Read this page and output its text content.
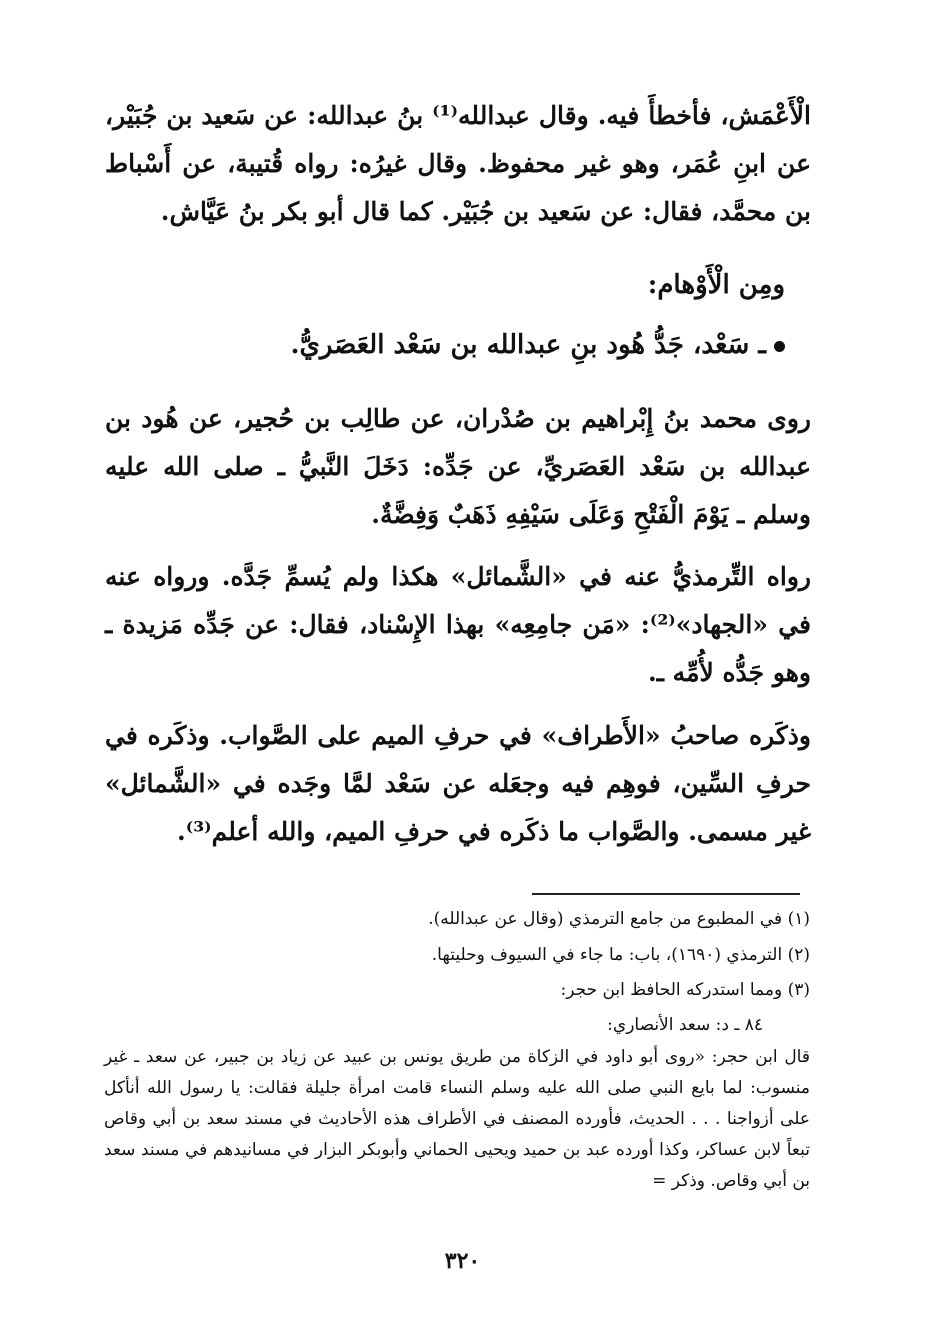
الْأَعْمَش، فأخطأَ فيه. وقال عبدالله⁽¹⁾ بنُ عبدالله: عن سَعيد بن جُبَيْر، عن ابنِ عُمَر، وهو غير محفوظ. وقال غيرُه: رواه قُتيبة، عن أَسْباط بن محمَّد، فقال: عن سَعيد بن جُبَيْر. كما قال أبو بكر بنُ عَيَّاش.

ومِن الْأَوْهام:

ـ سَعْد، جَدُّ هُود بنِ عبدالله بن سَعْد العَصَريُّ.

روى محمد بنُ إِبْراهيم بن صُدْران، عن طالِب بن حُجير، عن هُود بن عبدالله بن سَعْد العَصَريِّ، عن جَدِّه: دَخَلَ النَّبيُّ ـ صلى الله عليه وسلم ـ يَوْمَ الْفَتْحِ وَعَلَى سَيْفِهِ ذَهَبٌ وَفِضَّةٌ.

رواه التِّرمذيُّ عنه في «الشَّمائل» هكذا ولم يُسمِّ جَدَّه. ورواه عنه في «الجهاد»⁽²⁾: «مَن جامِعِه» بهذا الإِسْناد، فقال: عن جَدِّه مَزيدة ـ وهو جَدُّه لأُمِّه ـ.

وذكَره صاحبُ «الأَطراف» في حرفِ الميم على الصَّواب. وذكَره في حرفِ السِّين، فوهِم فيه وجعَله عن سَعْد لمَّا وجَده في «الشَّمائل» غير مسمى. والصَّواب ما ذكَره في حرفِ الميم، والله أعلم⁽³⁾.

(١) في المطبوع من جامع الترمذي (وقال عن عبدالله).

(٢) الترمذي (١٦٩٠)، باب: ما جاء في السيوف وحليتها.

(٣) ومما استدركه الحافظ ابن حجر:

٨٤ ـ د: سعد الأنصاري:

قال ابن حجر: «روى أبو داود في الزكاة من طريق يونس بن عبيد عن زياد بن جبير، عن سعد ـ غير منسوب: لما بايع النبي صلى الله عليه وسلم النساء قامت امرأة جليلة فقالت: يا رسول الله أنأكل على أزواجنا . . . الحديث، فأورده المصنف في الأطراف هذه الأحاديث في مسند سعد بن أبي وقاص تبعاً لابن عساكر، وكذا أورده عبد بن حميد ويحيى الحماني وأبوبكر البزار في مسانيدهم في مسند سعد بن أبي وقاص. وذكر =

٣٢٠
